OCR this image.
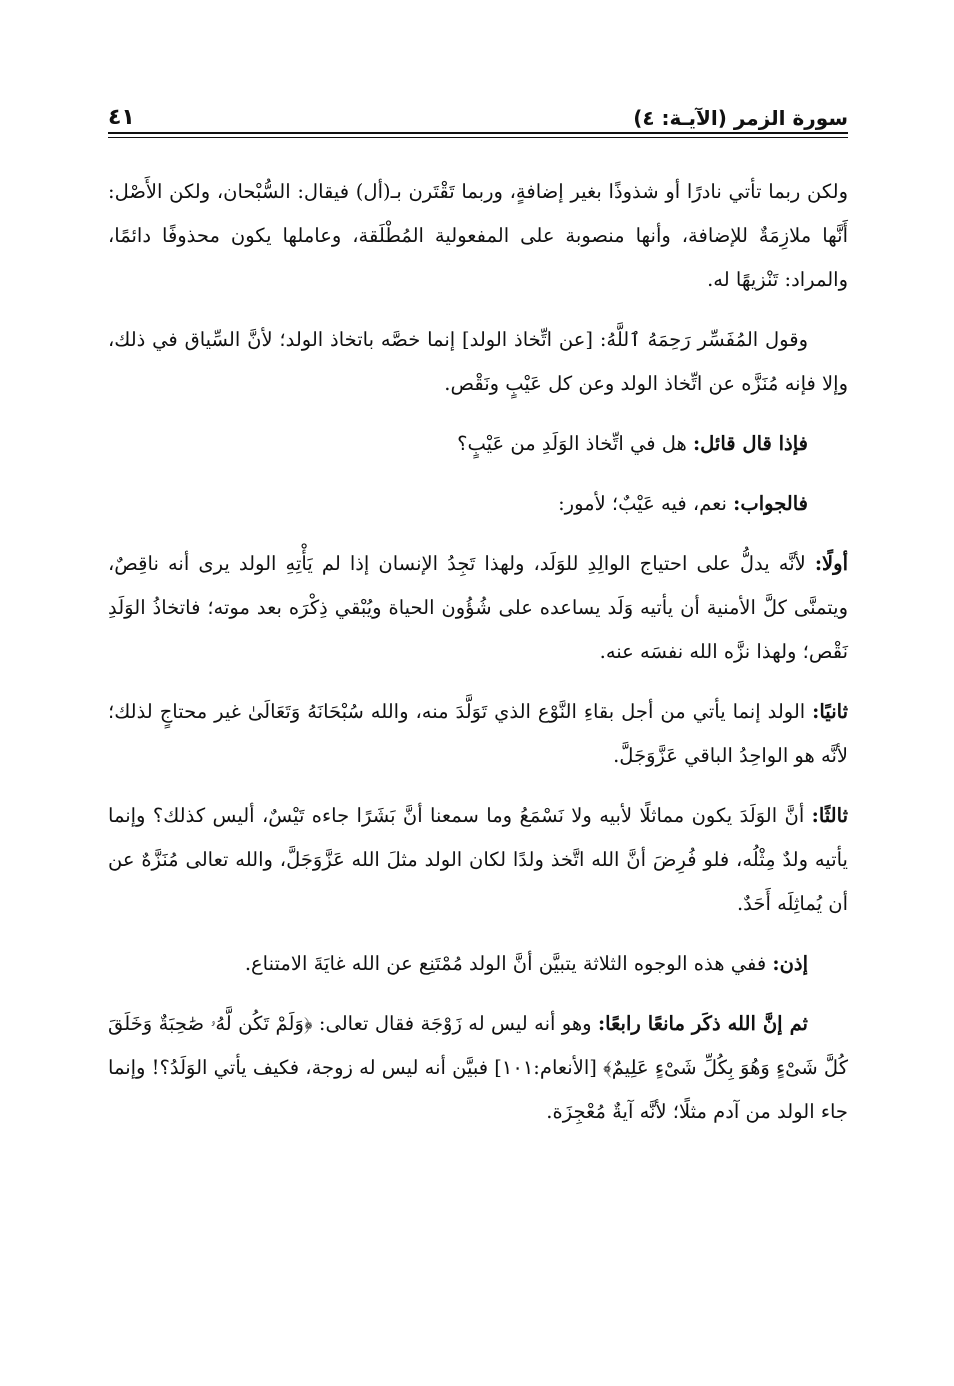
سورة الزمر (الآيـة: ٤)
٤١

ولكن ربما تأتي نادرًا أو شذوذًا بغير إضافةٍ، وربما تَقْتَرن بـ(أل) فيقال: السُّبْحان، ولكن الأَصْل: أَنَّها ملازِمَةٌ للإضافة، وأنها منصوبة على المفعولية المُطْلَقة، وعاملها يكون محذوفًا دائمًا، والمراد: تَنْزيهًا له.

وقول المُفَسِّر رَحِمَهُ ٱللَّهُ: [عن اتِّخاذ الولد] إنما خصَّه باتخاذ الولد؛ لأنَّ السِّياق في ذلك، وإلا فإنه مُنَزَّه عن اتِّخاذ الولد وعن كل عَيْبٍ ونَقْص.

فإذا قال قائل: هل في اتِّخاذ الوَلَدِ من عَيْبٍ؟

فالجواب: نعم، فيه عَيْبٌ؛ لأمور:

أولًا: لأنَّه يدلُّ على احتياج الوالِدِ للوَلَد، ولهذا تَجِدُ الإنسان إذا لم يَأْتِهِ الولد يرى أنه ناقِصٌ، ويتمنَّى كلَّ الأمنية أن يأتيه وَلَد يساعده على شُؤُون الحياة ويُبْقي ذِكْرَه بعد موته؛ فاتخاذُ الوَلَدِ نَقْص؛ ولهذا نزَّه الله نفسَه عنه.

ثانيًا: الولد إنما يأتي من أجل بقاءِ النَّوْع الذي تَوَلَّدَ منه، والله سُبْحَانَهُ وَتَعَالَىٰ غير محتاجٍ لذلك؛ لأنَّه هو الواحِدُ الباقي عَزَّوَجَلَّ.

ثالثًا: أنَّ الوَلَدَ يكون مماثلًا لأبيه ولا نَسْمَعُ وما سمعنا أنَّ بَشَرًا جاءه تَيْسٌ، أليس كذلك؟ وإنما يأتيه ولدٌ مِثْلُه، فلو فُرِضَ أنَّ الله اتَّخذ ولدًا لكان الولد مثلَ الله عَزَّوَجَلَّ، والله تعالى مُنَزَّهٌ عن أن يُماثِلَه أَحَدٌ.

إذن: ففي هذه الوجوه الثلاثة يتبيَّن أنَّ الولد مُمْتَنِع عن الله غايَةَ الامتناع.

ثم إنَّ الله ذكَر مانعًا رابعًا: وهو أنه ليس له زَوْجَة فقال تعالى: ﴿وَلَمْ تَكُن لَّهُۥ صَٰحِبَةٌ وَخَلَقَ كُلَّ شَىْءٍ وَهُوَ بِكُلِّ شَىْءٍ عَلِيمٌ﴾ [الأنعام:١٠١] فبيَّن أنه ليس له زوجة، فكيف يأتي الوَلَدُ؟! وإنما جاء الولد من آدم مثلًا؛ لأنَّه آيةٌ مُعْجِزَة.
